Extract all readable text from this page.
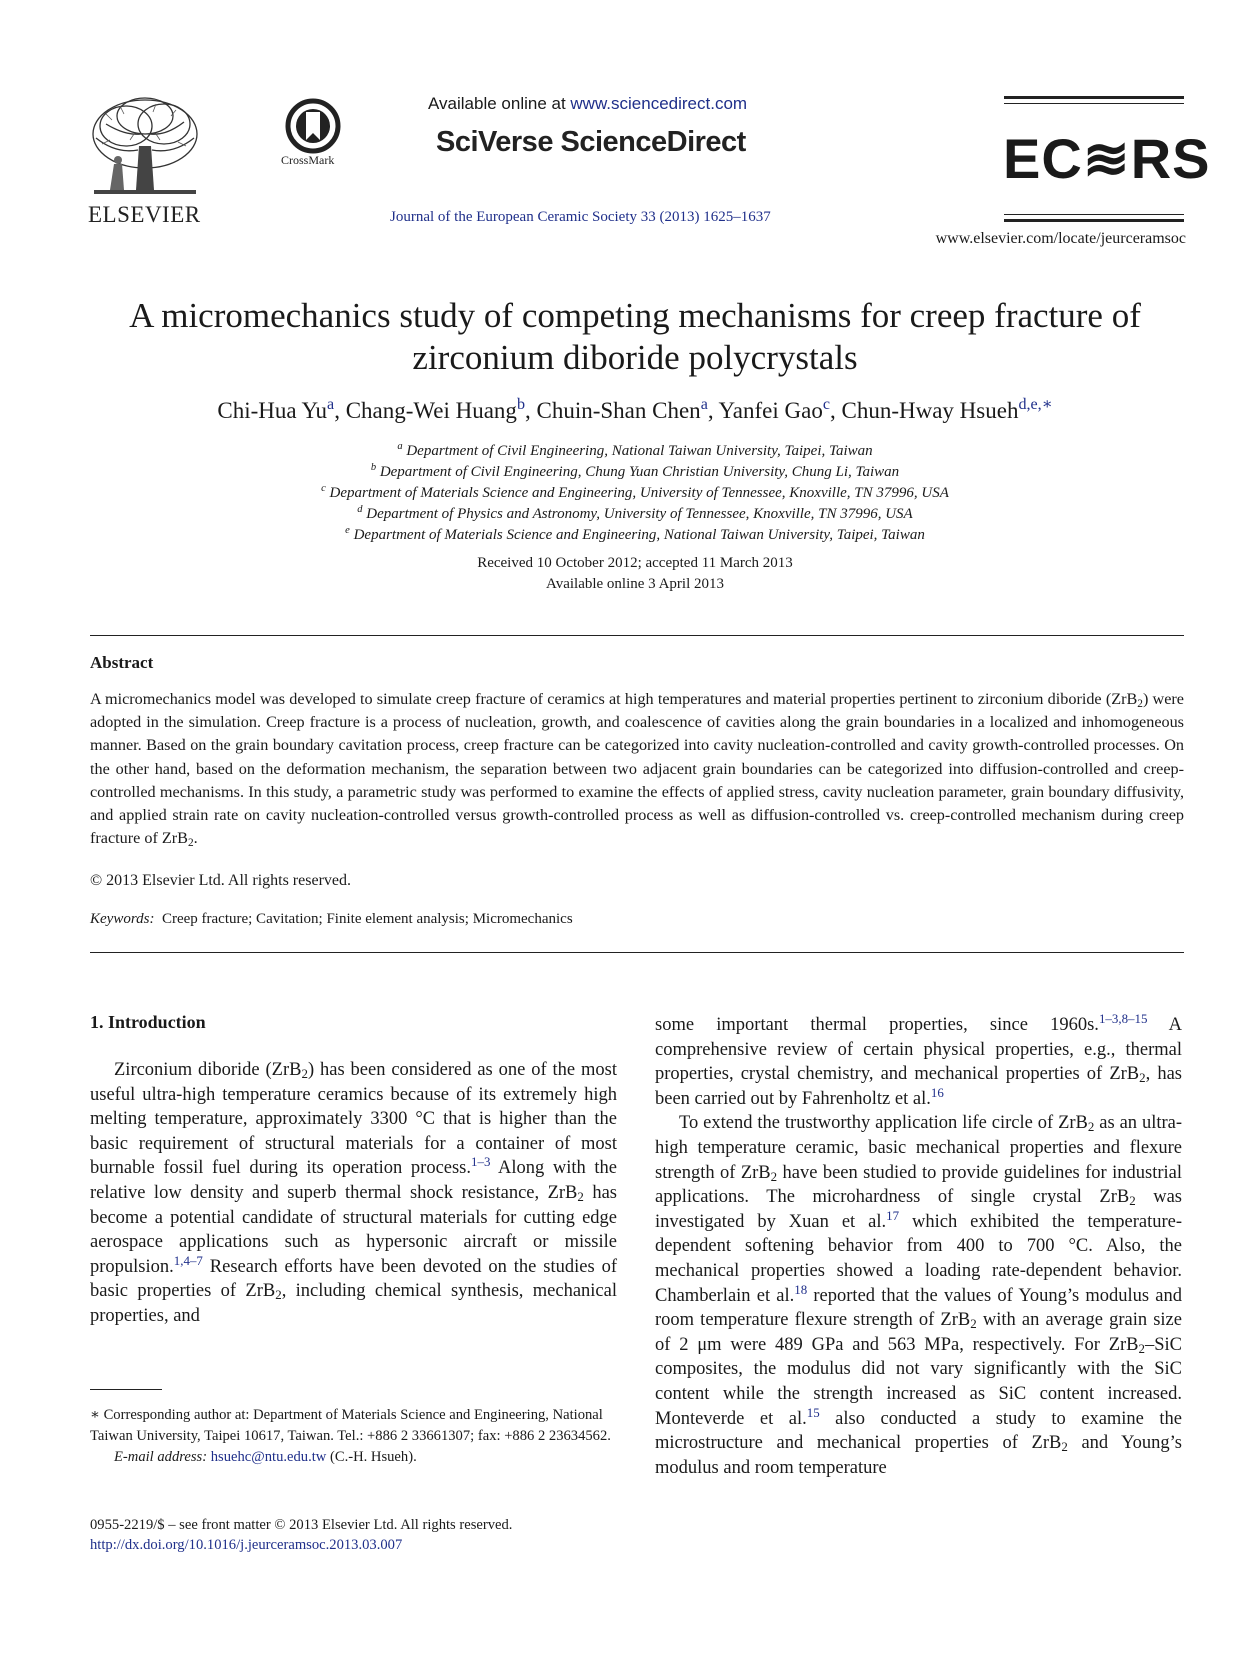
ELSEVIER
CrossMark
Available online at www.sciencedirect.com
SciVerse ScienceDirect
Journal of the European Ceramic Society 33 (2013) 1625–1637
EC≋RS
www.elsevier.com/locate/jeurceramsoc
A micromechanics study of competing mechanisms for creep fracture of
zirconium diboride polycrystals
Chi-Hua Yu$^a$, Chang-Wei Huang$^b$, Chuin-Shan Chen$^a$, Yanfei Gao$^c$, Chun-Hway Hsueh$^{d,e,∗}$
$^a$ Department of Civil Engineering, National Taiwan University, Taipei, Taiwan
$^b$ Department of Civil Engineering, Chung Yuan Christian University, Chung Li, Taiwan
$^c$ Department of Materials Science and Engineering, University of Tennessee, Knoxville, TN 37996, USA
$^d$ Department of Physics and Astronomy, University of Tennessee, Knoxville, TN 37996, USA
$^e$ Department of Materials Science and Engineering, National Taiwan University, Taipei, Taiwan
Received 10 October 2012; accepted 11 March 2013
Available online 3 April 2013
Abstract
A micromechanics model was developed to simulate creep fracture of ceramics at high temperatures and material properties pertinent to zirconium diboride (ZrB$_2$) were adopted in the simulation. Creep fracture is a process of nucleation, growth, and coalescence of cavities along the grain boundaries in a localized and inhomogeneous manner. Based on the grain boundary cavitation process, creep fracture can be categorized into cavity nucleation-controlled and cavity growth-controlled processes. On the other hand, based on the deformation mechanism, the separation between two adjacent grain boundaries can be categorized into diffusion-controlled and creep-controlled mechanisms. In this study, a parametric study was performed to examine the effects of applied stress, cavity nucleation parameter, grain boundary diffusivity, and applied strain rate on cavity nucleation-controlled versus growth-controlled process as well as diffusion-controlled vs. creep-controlled mechanism during creep fracture of ZrB$_2$.
© 2013 Elsevier Ltd. All rights reserved.
Keywords: Creep fracture; Cavitation; Finite element analysis; Micromechanics
1. Introduction

Zirconium diboride (ZrB$_2$) has been considered as one of the most useful ultra-high temperature ceramics because of its extremely high melting temperature, approximately 3300 °C that is higher than the basic requirement of structural materials for a container of most burnable fossil fuel during its operation process.$^{1-3}$ Along with the relative low density and superb thermal shock resistance, ZrB$_2$ has become a potential candidate of structural materials for cutting edge aerospace applications such as hypersonic aircraft or missile propulsion.$^{1,4-7}$ Research efforts have been devoted on the studies of basic properties of ZrB$_2$, including chemical synthesis, mechanical properties, and

some important thermal properties, since 1960s.$^{1-3,8-15}$ A comprehensive review of certain physical properties, e.g., thermal properties, crystal chemistry, and mechanical properties of ZrB$_2$, has been carried out by Fahrenholtz et al.$^{16}$

To extend the trustworthy application life circle of ZrB$_2$ as an ultra-high temperature ceramic, basic mechanical properties and flexure strength of ZrB$_2$ have been studied to provide guidelines for industrial applications. The microhardness of single crystal ZrB$_2$ was investigated by Xuan et al.$^{17}$ which exhibited the temperature-dependent softening behavior from 400 to 700 °C. Also, the mechanical properties showed a loading rate-dependent behavior. Chamberlain et al.$^{18}$ reported that the values of Young’s modulus and room temperature flexure strength of ZrB$_2$ with an average grain size of 2 μm were 489 GPa and 563 MPa, respectively. For ZrB$_2$–SiC composites, the modulus did not vary significantly with the SiC content while the strength increased as SiC content increased. Monteverde et al.$^{15}$ also conducted a study to examine the microstructure and mechanical properties of ZrB$_2$ and Young’s modulus and room temperature

∗ Corresponding author at: Department of Materials Science and Engineering, National Taiwan University, Taipei 10617, Taiwan. Tel.: +886 2 33661307; fax: +886 2 23634562.
E-mail address: hsuehc@ntu.edu.tw (C.-H. Hsueh).
0955-2219/$ – see front matter © 2013 Elsevier Ltd. All rights reserved.
http://dx.doi.org/10.1016/j.jeurceramsoc.2013.03.007
